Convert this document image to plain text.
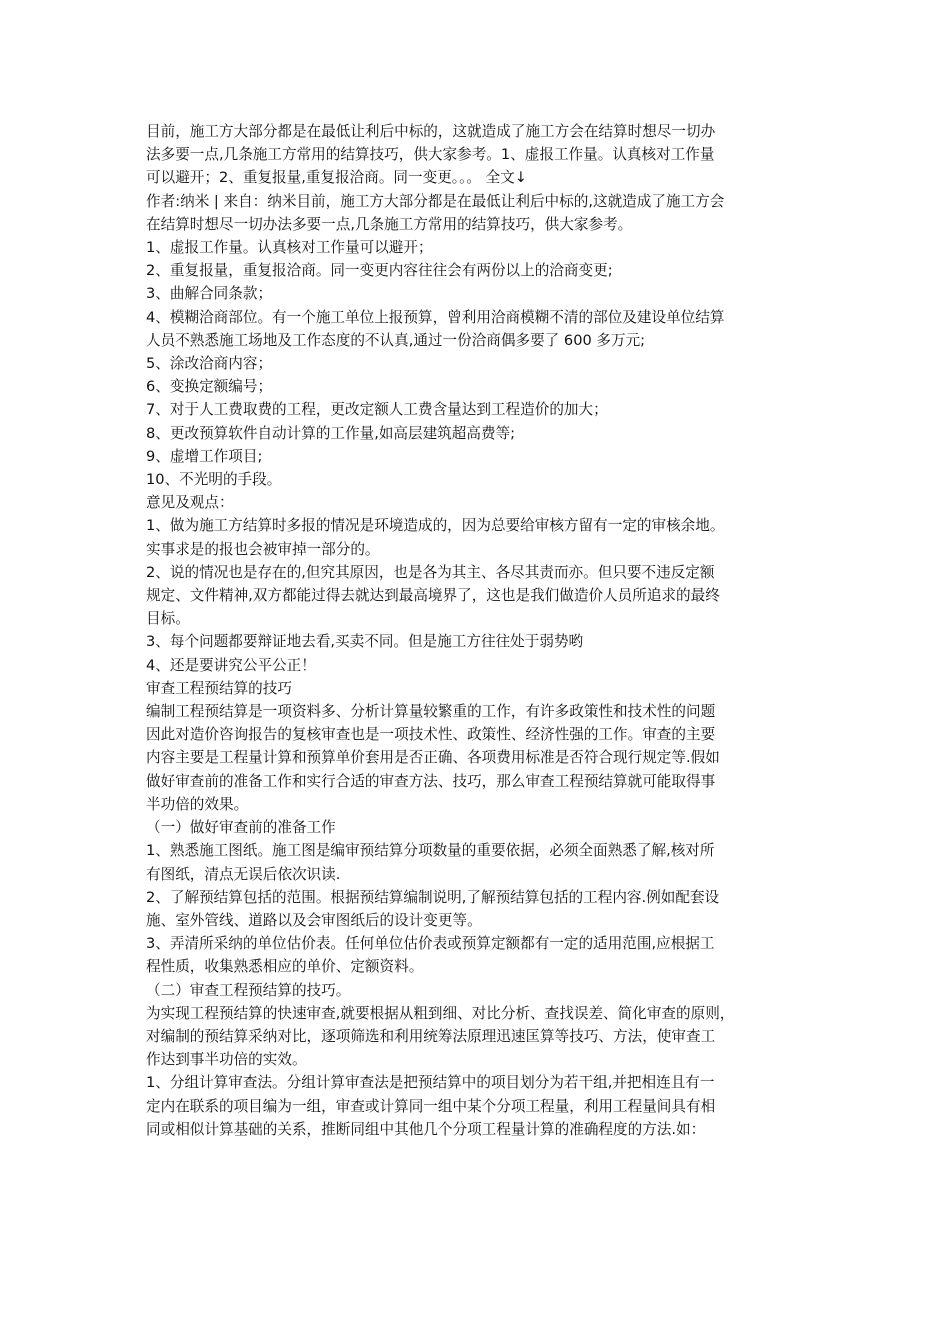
目前，施工方大部分都是在最低让利后中标的，这就造成了施工方会在结算时想尽一切办
法多要一点,几条施工方常用的结算技巧，供大家参考。1、虚报工作量。认真核对工作量
可以避开；2、重复报量,重复报洽商。同一变更。。。 全文↓
作者:纳米 | 来自：纳米目前，施工方大部分都是在最低让利后中标的,这就造成了施工方会
在结算时想尽一切办法多要一点,几条施工方常用的结算技巧，供大家参考。
1、虚报工作量。认真核对工作量可以避开；
2、重复报量，重复报洽商。同一变更内容往往会有两份以上的洽商变更;
3、曲解合同条款；
4、模糊洽商部位。有一个施工单位上报预算，曾利用洽商模糊不清的部位及建设单位结算
人员不熟悉施工场地及工作态度的不认真,通过一份洽商偶多要了 600 多万元;
5、涂改洽商内容；
6、变换定额编号；
7、对于人工费取费的工程，更改定额人工费含量达到工程造价的加大；
8、更改预算软件自动计算的工作量,如高层建筑超高费等;
9、虚增工作项目;
10、不光明的手段。
意见及观点：
1、做为施工方结算时多报的情况是环境造成的，因为总要给审核方留有一定的审核余地。
实事求是的报也会被审掉一部分的。
2、说的情况也是存在的,但究其原因，也是各为其主、各尽其责而亦。但只要不违反定额
规定、文件精神,双方都能过得去就达到最高境界了，这也是我们做造价人员所追求的最终
目标。
3、每个问题都要辩证地去看,买卖不同。但是施工方往往处于弱势哟
4、还是要讲究公平公正！
审查工程预结算的技巧
编制工程预结算是一项资料多、分析计算量较繁重的工作，有许多政策性和技术性的问题
因此对造价咨询报告的复核审查也是一项技术性、政策性、经济性强的工作。审查的主要
内容主要是工程量计算和预算单价套用是否正确、各项费用标准是否符合现行规定等.假如
做好审查前的准备工作和实行合适的审查方法、技巧，那么审查工程预结算就可能取得事
半功倍的效果。
（一）做好审查前的准备工作
1、熟悉施工图纸。施工图是编审预结算分项数量的重要依据，必须全面熟悉了解,核对所
有图纸，清点无误后依次识读.
2、了解预结算包括的范围。根据预结算编制说明,了解预结算包括的工程内容.例如配套设
施、室外管线、道路以及会审图纸后的设计变更等。
3、弄清所采纳的单位估价表。任何单位估价表或预算定额都有一定的适用范围,应根据工
程性质，收集熟悉相应的单价、定额资料。
（二）审查工程预结算的技巧。
为实现工程预结算的快速审查,就要根据从粗到细、对比分析、查找误差、简化审查的原则，
对编制的预结算采纳对比，逐项筛选和利用统筹法原理迅速匡算等技巧、方法，使审查工
作达到事半功倍的实效。
1、分组计算审查法。分组计算审查法是把预结算中的项目划分为若干组,并把相连且有一
定内在联系的项目编为一组，审查或计算同一组中某个分项工程量，利用工程量间具有相
同或相似计算基础的关系，推断同组中其他几个分项工程量计算的准确程度的方法.如：
